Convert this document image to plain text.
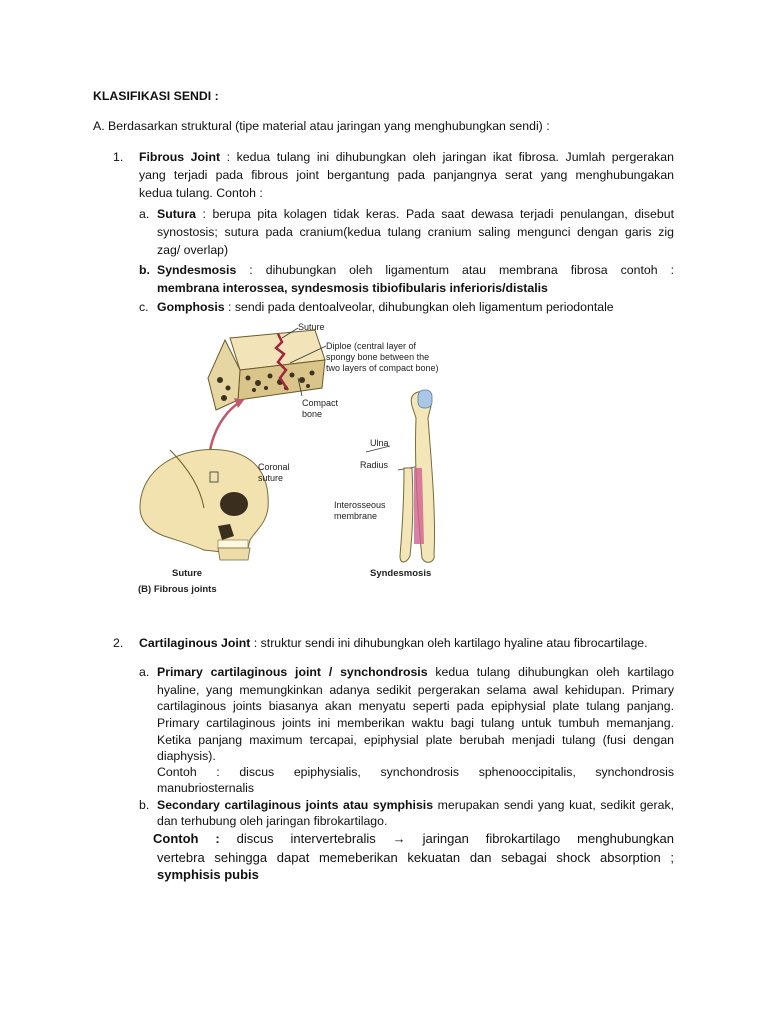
KLASIFIKASI SENDI :
A. Berdasarkan struktural (tipe material atau jaringan yang menghubungkan sendi) :
1. Fibrous Joint : kedua tulang ini dihubungkan oleh jaringan ikat fibrosa. Jumlah pergerakan
yang terjadi pada fibrous joint bergantung pada panjangnya serat yang menghubungakan
kedua tulang. Contoh :
a. Sutura : berupa pita kolagen tidak keras. Pada saat dewasa terjadi penulangan, disebut
synostosis; sutura pada cranium(kedua tulang cranium saling mengunci dengan garis zig
zag/ overlap)
b. Syndesmosis : dihubungkan oleh ligamentum atau membrana fibrosa contoh :
membrana interossea, syndesmosis tibiofibularis inferioris/distalis
c. Gomphosis : sendi pada dentoalveolar, dihubungkan oleh ligamentum periodontale
Suture
Diploe (central layer of
spongy bone between the
two layers of compact bone)
Compact
bone
Coronal
suture
Ulna
Radius
Interosseous
membrane
Suture	Syndesmosis
(B) Fibrous joints
2. Cartilaginous Joint : struktur sendi ini dihubungkan oleh kartilago hyaline atau fibrocartilage.
a. Primary cartilaginous joint / synchondrosis kedua tulang dihubungkan oleh kartilago
hyaline, yang memungkinkan adanya sedikit pergerakan selama awal kehidupan. Primary
cartilaginous joints biasanya akan menyatu seperti pada epiphysial plate tulang panjang.
Primary cartilaginous joints ini memberikan waktu bagi tulang untuk tumbuh memanjang.
Ketika panjang maximum tercapai, epiphysial plate berubah menjadi tulang (fusi dengan
diaphysis).
Contoh : discus epiphysialis, synchondrosis sphenooccipitalis, synchondrosis
manubriosternalis
b. Secondary cartilaginous joints atau symphisis merupakan sendi yang kuat, sedikit gerak,
dan terhubung oleh jaringan fibrokartilago.
Contoh : discus intervertebralis → jaringan fibrokartilago menghubungkan
vertebra sehingga dapat memeberikan kekuatan dan sebagai shock absorption ;
symphisis pubis
